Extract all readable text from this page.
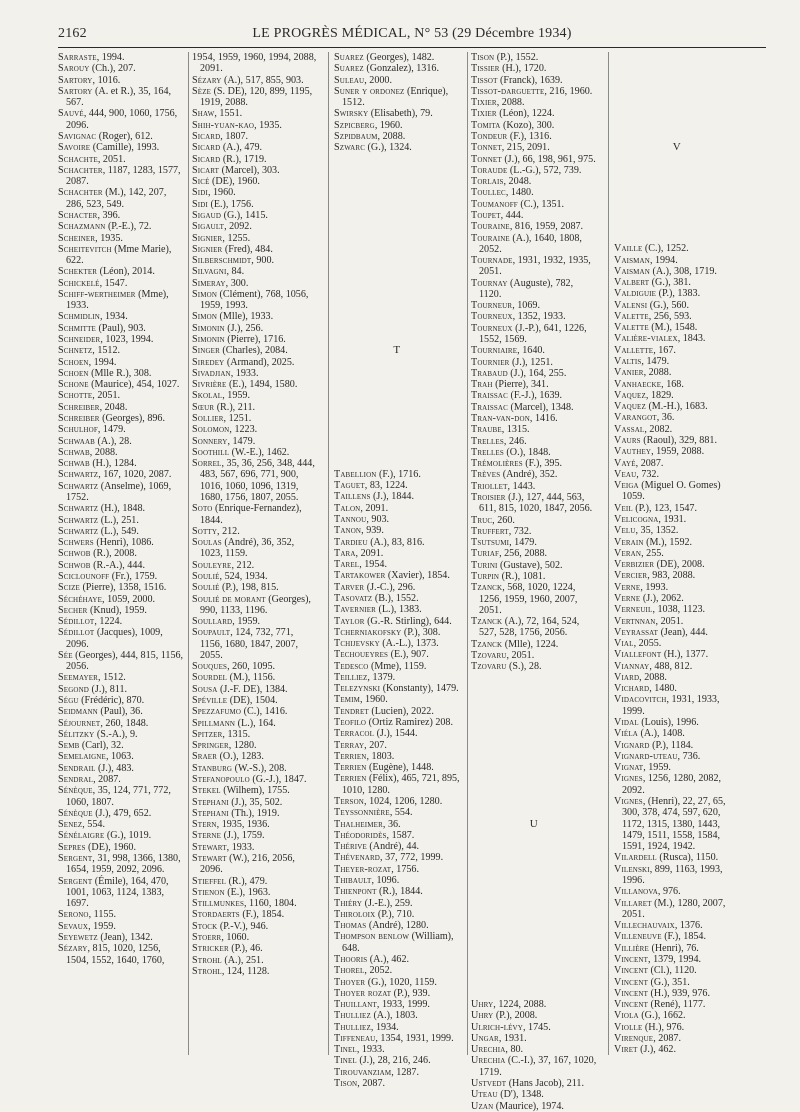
2162	LE PROGRÈS MÉDICAL, N° 53 (29 Décembre 1934)

Sarraste, 1994.

Sarouy (Ch.), 207.

Sartory, 1016.

Sartory (A. et R.), 35, 164, 567.

Sauvé, 444, 900, 1060, 1756, 2096.

Savignac (Roger), 612.

Savoire (Camille), 1993.

Schachte, 2051.

Schachter, 1187, 1283, 1577, 2087.

Schachter (M.), 142, 207, 286, 523, 549.

Schacter, 396.

Schazmann (P.-E.), 72.

Scheiner, 1935.

Scheitevitch (Mme Marie), 622.

Schekter (Léon), 2014.

Schickelé, 1547.

Schiff-wertheimer (Mme), 1933.

Schmidlin, 1934.

Schmitte (Paul), 903.

Schneider, 1023, 1994.

Schnetz, 1512.

Schoen, 1994.

Schoen (Mlle R.), 308.

Schone (Maurice), 454, 1027.

Schotte, 2051.

Schreiber, 2048.

Schreiber (Georges), 896.

Schulhof, 1479.

Schwaab (A.), 28.

Schwab, 2088.

Schwab (H.), 1284.

Schwartz, 167, 1020, 2087.

Schwartz (Anselme), 1069, 1752.

Schwartz (H.), 1848.

Schwartz (L.), 251.

Schwartz (L.), 549.

Schwers (Henri), 1086.

Schwob (R.), 2008.

Schwob (R.-A.), 444.

Sciclounoff (Fr.), 1759.

Scize (Pierre), 1358, 1516.

Séchéhaye, 1059, 2000.

Secher (Knud), 1959.

Sédillot, 1224.

Sédillot (Jacques), 1009, 2096.

Sée (Georges), 444, 815, 1156, 2056.

Seemayer, 1512.

Segond (J.), 811.

Ségu (Frédéric), 870.

Seidmann (Paul), 36.

Séjournet, 260, 1848.

Sélitzky (S.-A.), 9.

Semb (Carl), 32.

Semelaigne, 1063.

Sendrail (J.), 483.

Sendral, 2087.

Sénèque, 35, 124, 771, 772, 1060, 1807.

Sénèque (J.), 479, 652.

Senez, 554.

Sénélaigre (G.), 1019.

Sepres (DE), 1960.

Sergent, 31, 998, 1366, 1380, 1654, 1959, 2092, 2096.

Sergent (Émile), 164, 470, 1001, 1063, 1124, 1383, 1697.

Serono, 1155.

Sevaux, 1959.

Seyewetz (Jean), 1342.

Sézary, 815, 1020, 1256, 1504, 1552, 1640, 1760,

1954, 1959, 1960, 1994, 2088, 2091.

Sézary (A.), 517, 855, 903.

Sèze (S. DE), 120, 899, 1195, 1919, 2088.

Shaw, 1551.

Shih-yuan-kao, 1935.

Sicard, 1807.

Sicard (A.), 479.

Sicard (R.), 1719.

Sicart (Marcel), 303.

Sicé (DE), 1960.

Sidi, 1960.

Sidi (E.), 1756.

Sigaud (G.), 1415.

Sigault, 2092.

Signier, 1255.

Signier (Fred), 484.

Silberschmidt, 900.

Silvagni, 84.

Simeray, 300.

Simon (Clément), 768, 1056, 1959, 1993.

Simon (Mlle), 1933.

Simonin (J.), 256.

Simonin (Pierre), 1716.

Singer (Charles), 2084.

Siredey (Armand), 2025.

Sivadjian, 1933.

Sivrière (E.), 1494, 1580.

Skolal, 1959.

Sœur (R.), 211.

Sollier, 1251.

Solomon, 1223.

Sonnery, 1479.

Soothill (W.-E.), 1462.

Sorrel, 35, 36, 256, 348, 444, 483, 567, 696, 771, 900, 1016, 1060, 1096, 1319, 1680, 1756, 1807, 2055.

Soto (Enrique-Fernandez), 1844.

Sotty, 212.

Soulas (André), 36, 352, 1023, 1159.

Souleyre, 212.

Soulié, 524, 1934.

Soulié (P.), 198, 815.

Soulié de morant (Georges), 990, 1133, 1196.

Soullard, 1959.

Soupault, 124, 732, 771, 1156, 1680, 1847, 2007, 2055.

Souques, 260, 1095.

Sourdel (M.), 1156.

Sousa (J.-F. DE), 1384.

Spéville (DE), 1504.

Spezzafumo (C.), 1416.

Spillmann (L.), 164.

Spitzer, 1315.

Springer, 1280.

Sraer (O.), 1283.

Stanburg (W.-S.), 208.

Stefanopoulo (G.-J.), 1847.

Stekel (Wilhem), 1755.

Stephani (J.), 35, 502.

Stephani (Th.), 1919.

Stern, 1935, 1936.

Sterne (J.), 1759.

Stewart, 1933.

Stewart (W.), 216, 2056, 2096.

Stieffel (R.), 479.

Stienon (E.), 1963.

Stillmunkes, 1160, 1804.

Stordaerts (F.), 1854.

Stock (P.-V.), 946.

Stoerr, 1060.

Stricker (P.), 46.

Strohl (A.), 251.

Strohl, 124, 1128.

Suarez (Georges), 1482.

Suarez (Gonzalez), 1316.

Suleau, 2000.

Suner y ordonez (Enrique), 1512.

Swirsky (Elisabeth), 79.

Szpicberg, 1960.

Szpidbaum, 2088.

Szwarc (G.), 1324.

T

Tabellion (F.), 1716.

Taguet, 83, 1224.

Taillens (J.), 1844.

Talon, 2091.

Tannou, 903.

Tanon, 939.

Tardieu (A.), 83, 816.

Tara, 2091.

Tarel, 1954.

Tartakower (Xavier), 1854.

Tarver (J.-C.), 296.

Tasovatz (B.), 1552.

Tavernier (L.), 1383.

Taylor (G.-R. Stirling), 644.

Tcherniakofsky (P.), 308.

Tchijevsky (A.-L.), 1373.

Techoueyres (E.), 907.

Tedesco (Mme), 1159.

Teilliez, 1379.

Telezynski (Konstanty), 1479.

Temim, 1960.

Tendret (Lucien), 2022.

Teofilo (Ortiz Ramirez) 208.

Terracol (J.), 1544.

Terray, 207.

Terrien, 1803.

Terrien (Eugène), 1448.

Terrien (Félix), 465, 721, 895, 1010, 1280.

Terson, 1024, 1206, 1280.

Teyssonnière, 554.

Thalheimer, 36.

Théodoridès, 1587.

Thérive (André), 44.

Thévenard, 37, 772, 1999.

Theyer-rozat, 1756.

Thibault, 1096.

Thienpont (R.), 1844.

Thiéry (J.-E.), 259.

Thiroloix (P.), 710.

Thomas (André), 1280.

Thompson benlow (William), 648.

Thooris (A.), 462.

Thorel, 2052.

Thoyer (G.), 1020, 1159.

Thoyer rozat (P.), 939.

Thuillant, 1933, 1999.

Thulliez (A.), 1803.

Thulliez, 1934.

Tiffeneau, 1354, 1931, 1999.

Tinel, 1933.

Tinel (J.), 28, 216, 246.

Tirouvanziam, 1287.

Tison, 2087.

Tison (P.), 1552.

Tissier (H.), 1720.

Tissot (Franck), 1639.

Tissot-darguette, 216, 1960.

Tixier, 2088.

Tixier (Léon), 1224.

Tomita (Kozo), 300.

Tondeur (F.), 1316.

Tonnet, 215, 2091.

Tonnet (J.), 66, 198, 961, 975.

Toraude (L.-G.), 572, 739.

Torlais, 2048.

Toullec, 1480.

Toumanoff (C.), 1351.

Toupet, 444.

Touraine, 816, 1959, 2087.

Touraine (A.), 1640, 1808, 2052.

Tournade, 1931, 1932, 1935, 2051.

Tournay (Auguste), 782, 1120.

Tourneur, 1069.

Tourneux, 1352, 1933.

Tourneux (J.-P.), 641, 1226, 1552, 1569.

Tourniaire, 1640.

Tournier (J.), 1251.

Trabaud (J.), 164, 255.

Trah (Pierre), 341.

Traissac (F.-J.), 1639.

Traissac (Marcel), 1348.

Tran-van-don, 1416.

Traube, 1315.

Trelles, 246.

Trelles (O.), 1848.

Trémolières (F.), 395.

Trèves (André), 352.

Triollet, 1443.

Troisier (J.), 127, 444, 563, 611, 815, 1020, 1847, 2056.

Truc, 260.

Truffert, 732.

Tsutsumi, 1479.

Turiaf, 256, 2088.

Turini (Gustave), 502.

Turpin (R.), 1081.

Tzanck, 568, 1020, 1224, 1256, 1959, 1960, 2007, 2051.

Tzanck (A.), 72, 164, 524, 527, 528, 1756, 2056.

Tzanck (Mlle), 1224.

Tzovaru, 2051.

Tzovaru (S.), 28.

U

Uhry, 1224, 2088.

Uhry (P.), 2008.

Ulrich-lévy, 1745.

Ungar, 1931.

Urechia, 80.

Urechia (C.-I.), 37, 167, 1020, 1719.

Ustvedt (Hans Jacob), 211.

Uteau (D'), 1348.

Uzan (Maurice), 1974.

V

Vaille (C.), 1252.

Vaisman, 1994.

Vaisman (A.), 308, 1719.

Valbert (G.), 381.

Valdiguie (P.), 1383.

Valensi (G.), 560.

Valette, 256, 593.

Valette (M.), 1548.

Valière-vialex, 1843.

Vallette, 167.

Valtis, 1479.

Vanier, 2088.

Vanhaecke, 168.

Vaquez, 1829.

Vaquez (M.-H.), 1683.

Varangot, 36.

Vassal, 2082.

Vaurs (Raoul), 329, 881.

Vauthey, 1959, 2088.

Vayé, 2087.

Veau, 732.

Veiga (Miguel O. Gomes) 1059.

Veil (P.), 123, 1547.

Velicogna, 1931.

Velu, 35, 1352.

Verain (M.), 1592.

Veran, 255.

Verbizier (DE), 2008.

Vercier, 983, 2088.

Verne, 1993.

Verne (J.), 2062.

Verneuil, 1038, 1123.

Vertnnan, 2051.

Veyrassat (Jean), 444.

Vial, 2055.

Viallefont (H.), 1377.

Viannay, 488, 812.

Viard, 2088.

Vichard, 1480.

Vidacovitch, 1931, 1933, 1999.

Vidal (Louis), 1996.

Viéla (A.), 1408.

Vignard (P.), 1184.

Vignard-uteau, 736.

Vignat, 1959.

Vignes, 1256, 1280, 2082, 2092.

Vignes, (Henri), 22, 27, 65, 300, 378, 474, 597, 620, 1172, 1315, 1380, 1443, 1479, 1511, 1558, 1584, 1591, 1924, 1942.

Vilardell (Rusca), 1150.

Vilenski, 899, 1163, 1993, 1996.

Villanova, 976.

Villaret (M.), 1280, 2007, 2051.

Villechauvaix, 1376.

Villeneuve (F.), 1854.

Villière (Henri), 76.

Vincent, 1379, 1994.

Vincent (Cl.), 1120.

Vincent (G.), 351.

Vincent (H.), 939, 976.

Vincent (René), 1177.

Viola (G.), 1662.

Violle (H.), 976.

Virenque, 2087.

Viret (J.), 462.
